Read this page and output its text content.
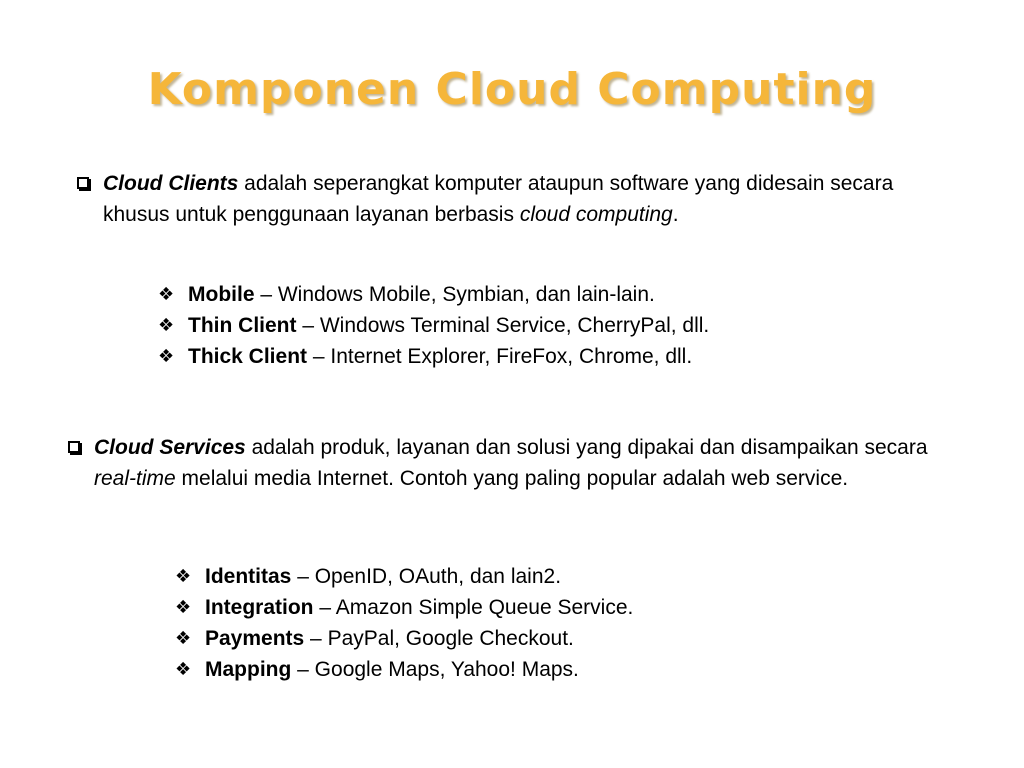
Komponen Cloud Computing
Cloud Clients adalah seperangkat komputer ataupun software yang didesain secara khusus untuk penggunaan layanan berbasis cloud computing.
❖ Mobile – Windows Mobile, Symbian, dan lain-lain.
❖ Thin Client – Windows Terminal Service, CherryPal, dll.
❖ Thick Client – Internet Explorer, FireFox, Chrome, dll.
Cloud Services adalah produk, layanan dan solusi yang dipakai dan disampaikan secara real-time melalui media Internet. Contoh yang paling popular adalah web service.
❖ Identitas – OpenID, OAuth, dan lain2.
❖ Integration – Amazon Simple Queue Service.
❖ Payments – PayPal, Google Checkout.
❖ Mapping – Google Maps, Yahoo! Maps.
